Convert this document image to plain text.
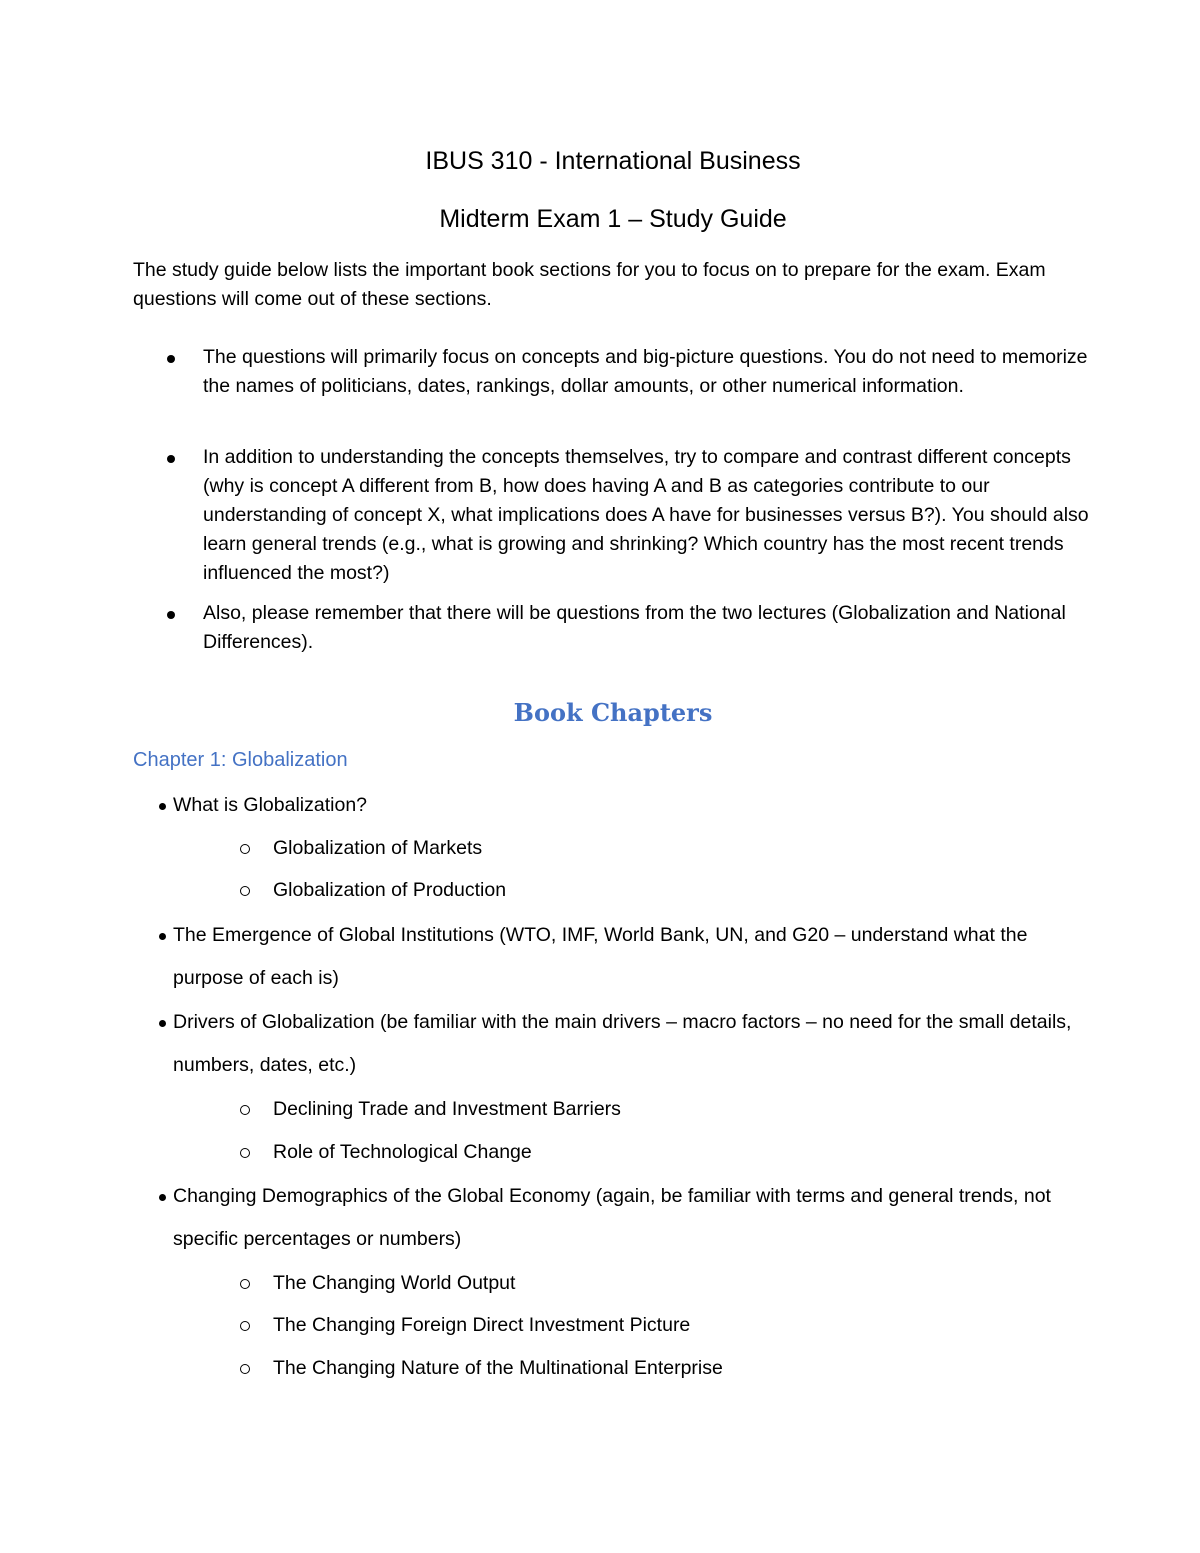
IBUS 310 - International Business

Midterm Exam 1 – Study Guide

The study guide below lists the important book sections for you to focus on to prepare for the exam. Exam questions will come out of these sections.

The questions will primarily focus on concepts and big-picture questions. You do not need to memorize the names of politicians, dates, rankings, dollar amounts, or other numerical information.
In addition to understanding the concepts themselves, try to compare and contrast different concepts (why is concept A different from B, how does having A and B as categories contribute to our understanding of concept X, what implications does A have for businesses versus B?). You should also learn general trends (e.g., what is growing and shrinking? Which country has the most recent trends influenced the most?)
Also, please remember that there will be questions from the two lectures (Globalization and National Differences).

Book Chapters

Chapter 1: Globalization

What is Globalization?
Globalization of Markets
Globalization of Production
The Emergence of Global Institutions (WTO, IMF, World Bank, UN, and G20 – understand what the purpose of each is)
Drivers of Globalization (be familiar with the main drivers – macro factors – no need for the small details, numbers, dates, etc.)
Declining Trade and Investment Barriers
Role of Technological Change
Changing Demographics of the Global Economy (again, be familiar with terms and general trends, not specific percentages or numbers)
The Changing World Output
The Changing Foreign Direct Investment Picture
The Changing Nature of the Multinational Enterprise
